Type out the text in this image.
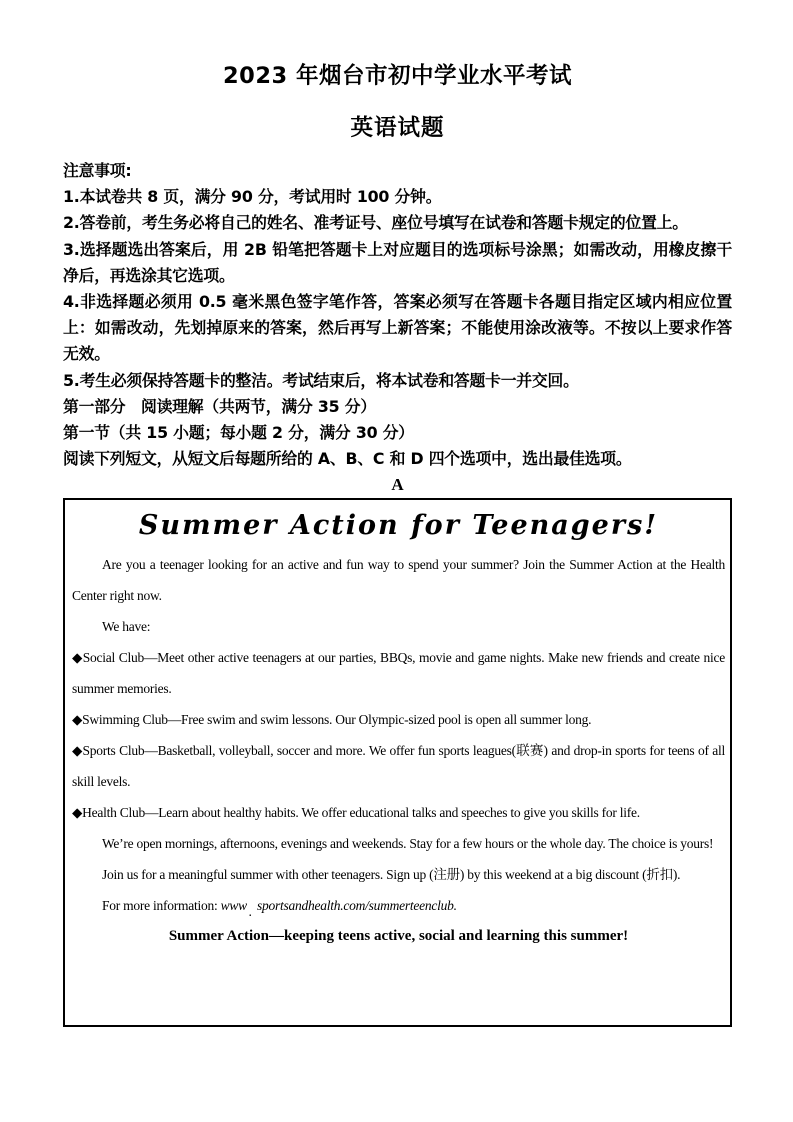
2023 年烟台市初中学业水平考试
英语试题

注意事项:

1.本试卷共 8 页，满分 90 分，考试用时 100 分钟。

2.答卷前，考生务必将自己的姓名、准考证号、座位号填写在试卷和答题卡规定的位置上。

3.选择题选出答案后，用 2B 铅笔把答题卡上对应题目的选项标号涂黑；如需改动，用橡皮擦干净后，再选涂其它选项。

4.非选择题必须用 0.5 毫米黑色签字笔作答，答案必须写在答题卡各题目指定区域内相应位置上：如需改动，先划掉原来的答案，然后再写上新答案；不能使用涂改液等。不按以上要求作答无效。

5.考生必须保持答题卡的整洁。考试结束后，将本试卷和答题卡一并交回。

第一部分　阅读理解（共两节，满分 35 分）

第一节（共 15 小题；每小题 2 分，满分 30 分）

阅读下列短文，从短文后每题所给的 A、B、C 和 D 四个选项中，选出最佳选项。

A

Summer Action for Teenagers!

Are you a teenager looking for an active and fun way to spend your summer? Join the Summer Action at the Health Center right now.

We have:

◆Social Club—Meet other active teenagers at our parties, BBQs, movie and game nights. Make new friends and create nice summer memories.

◆Swimming Club—Free swim and swim lessons. Our Olympic-sized pool is open all summer long.

◆Sports Club—Basketball, volleyball, soccer and more. We offer fun sports leagues(联赛) and drop-in sports for teens of all skill levels.

◆Health Club—Learn about healthy habits. We offer educational talks and speeches to give you skills for life.

We’re open mornings, afternoons, evenings and weekends. Stay for a few hours or the whole day. The choice is yours!

Join us for a meaningful summer with other teenagers. Sign up (注册) by this weekend at a big discount (折扣).

For more information: www . sportsandhealth.com/summerteenclub.

Summer Action—keeping teens active, social and learning this summer!
